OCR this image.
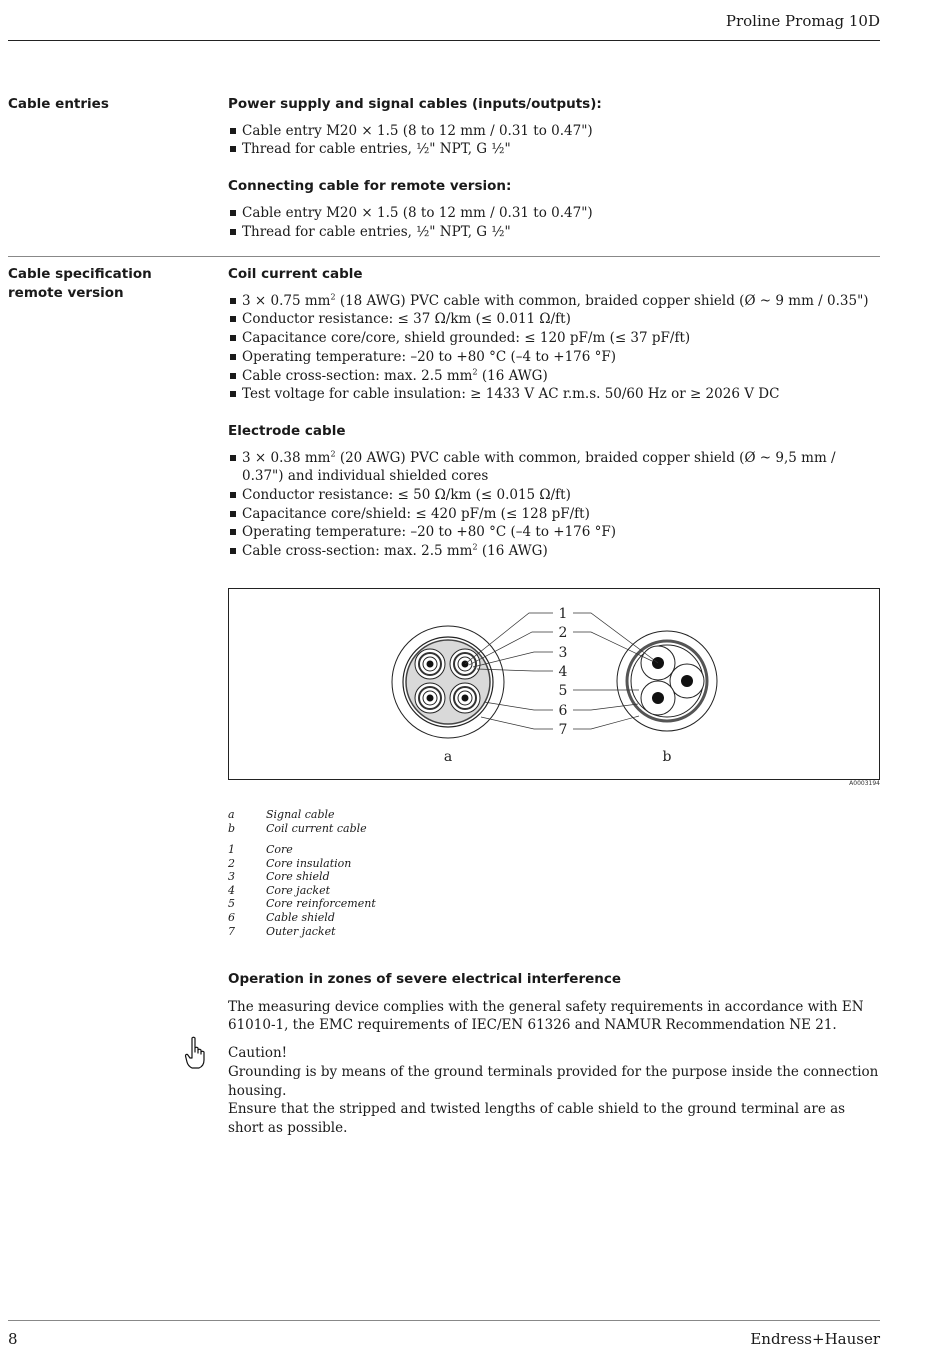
Proline Promag 10D
Cable entries	Power supply and signal cables (inputs/outputs):

Cable entry M20 × 1.5 (8 to 12 mm / 0.31 to 0.47")
Thread for cable entries, ½" NPT, G ½"

Connecting cable for remote version:

Cable entry M20 × 1.5 (8 to 12 mm / 0.31 to 0.47")
Thread for cable entries, ½" NPT, G ½"
Cable specification
remote version

Coil current cable

3 × 0.75 $mm^2$ (18 AWG) PVC cable with common, braided copper shield (Ø ~ 9 mm / 0.35")
Conductor resistance: ≤ 37 Ω/km (≤ 0.011 Ω/ft)
Capacitance core/core, shield grounded: ≤ 120 pF/m (≤ 37 pF/ft)
Operating temperature: –20 to +80 °C (–4 to +176 °F)
Cable cross-section: max. 2.5 $mm^2$ (16 AWG)
Test voltage for cable insulation: ≥ 1433 V AC r.m.s. 50/60 Hz or ≥ 2026 V DC

Electrode cable

3 × 0.38 $mm^2$ (20 AWG) PVC cable with common, braided copper shield (Ø ~ 9,5 mm / 0.37") and individual shielded cores
Conductor resistance: ≤ 50 Ω/km (≤ 0.015 Ω/ft)
Capacitance core/shield: ≤ 420 pF/m (≤ 128 pF/ft)
Operating temperature: –20 to +80 °C (–4 to +176 °F)
Cable cross-section: max. 2.5 $mm^2$ (16 AWG)
1
2
3
4
5
6
7
a	b
A0003194
a	Signal cable
b	Coil current cable
1	Core
2	Core insulation
3	Core shield
4	Core jacket
5	Core reinforcement
6	Cable shield
7	Outer jacket

Operation in zones of severe electrical interference

The measuring device complies with the general safety requirements in accordance with EN 61010-1, the EMC requirements of IEC/EN 61326 and NAMUR Recommendation NE 21.

Caution!

Grounding is by means of the ground terminals provided for the purpose inside the connection housing.

Ensure that the stripped and twisted lengths of cable shield to the ground terminal are as short as possible.

8	Endress+Hauser
